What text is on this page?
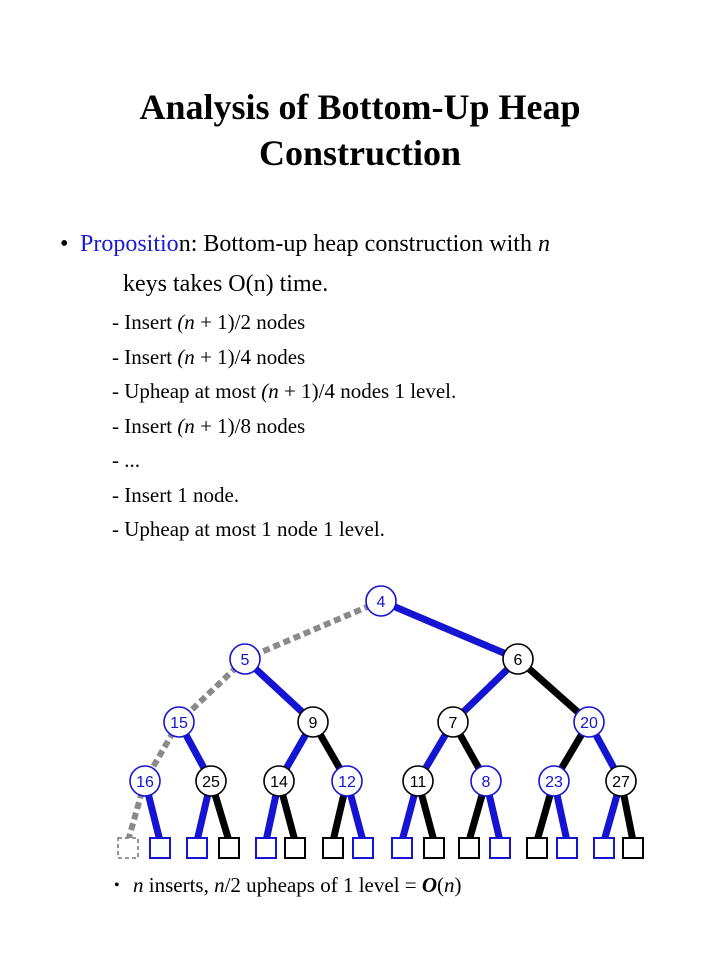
Analysis of Bottom-Up Heap
Construction
• Proposition: Bottom-up heap construction with n
keys takes O(n) time.
- Insert (n + 1)/2 nodes
- Insert (n + 1)/4 nodes
- Upheap at most (n + 1)/4 nodes 1 level.
- Insert (n + 1)/8 nodes
- ...
- Insert 1 node.
- Upheap at most 1 node 1 level.
4
5	6
15	9	7	20
16	25	14	12	11	8	23	27
• n inserts, n/2 upheaps of 1 level = O(n)
